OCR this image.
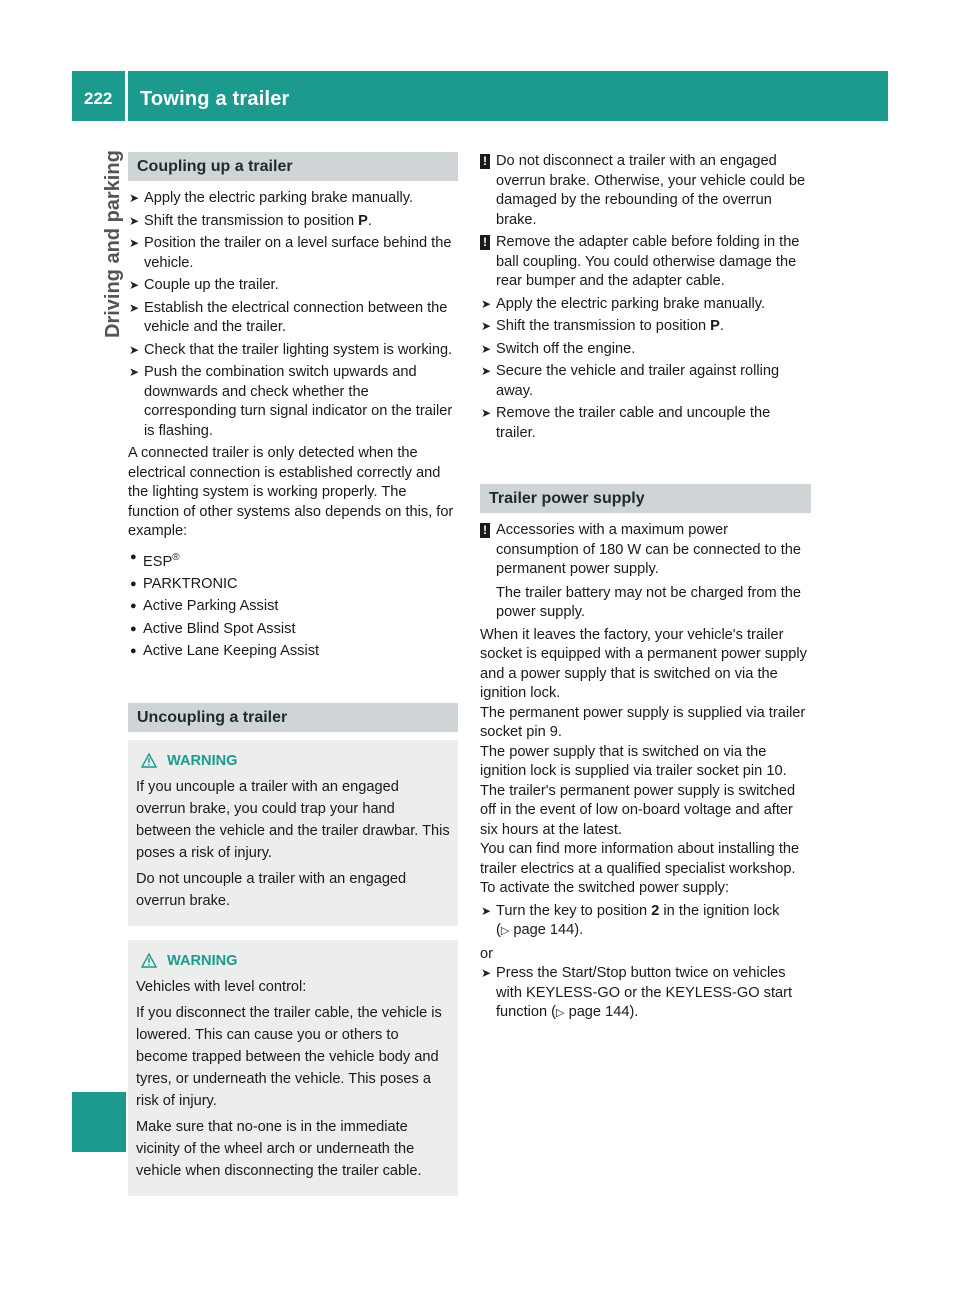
222 Towing a trailer
Driving and parking Coupling up a trailer
➤ Apply the electric parking brake manually.
➤ Shift the transmission to position P.
➤ Position the trailer on a level surface behind the vehicle.
➤ Couple up the trailer.
➤ Establish the electrical connection between the vehicle and the trailer.
➤ Check that the trailer lighting system is working.
➤ Push the combination switch upwards and downwards and check whether the corresponding turn signal indicator on the trailer is flashing.
A connected trailer is only detected when the electrical connection is established correctly and the lighting system is working properly. The function of other systems also depends on this, for example:
● ESP®
● PARKTRONIC
● Active Parking Assist
● Active Blind Spot Assist
● Active Lane Keeping Assist
Uncoupling a trailer
WARNING

If you uncouple a trailer with an engaged overrun brake, you could trap your hand between the vehicle and the trailer drawbar. This poses a risk of injury.

Do not uncouple a trailer with an engaged overrun brake.

WARNING

Vehicles with level control:

If you disconnect the trailer cable, the vehicle is lowered. This can cause you or others to become trapped between the vehicle body and tyres, or underneath the vehicle. This poses a risk of injury.

Make sure that no-one is in the immediate vicinity of the wheel arch or underneath the vehicle when disconnecting the trailer cable.

! Do not disconnect a trailer with an engaged overrun brake. Otherwise, your vehicle could be damaged by the rebounding of the overrun brake.
! Remove the adapter cable before folding in the ball coupling. You could otherwise damage the rear bumper and the adapter cable.
➤ Apply the electric parking brake manually.
➤ Shift the transmission to position P.
➤ Switch off the engine.
➤ Secure the vehicle and trailer against rolling away.
➤ Remove the trailer cable and uncouple the trailer.
Trailer power supply
! Accessories with a maximum power consumption of 180 W can be connected to the permanent power supply.
The trailer battery may not be charged from the power supply.
When it leaves the factory, your vehicle's trailer socket is equipped with a permanent power supply and a power supply that is switched on via the ignition lock.
The permanent power supply is supplied via trailer socket pin 9.
The power supply that is switched on via the ignition lock is supplied via trailer socket pin 10.
The trailer's permanent power supply is switched off in the event of low on-board voltage and after six hours at the latest.
You can find more information about installing the trailer electrics at a qualified specialist workshop.
To activate the switched power supply:
➤ Turn the key to position 2 in the ignition lock
(▷ page 144).
or
➤ Press the Start/Stop button twice on vehicles with KEYLESS-GO or the KEYLESS-GO start function (▷ page 144).
